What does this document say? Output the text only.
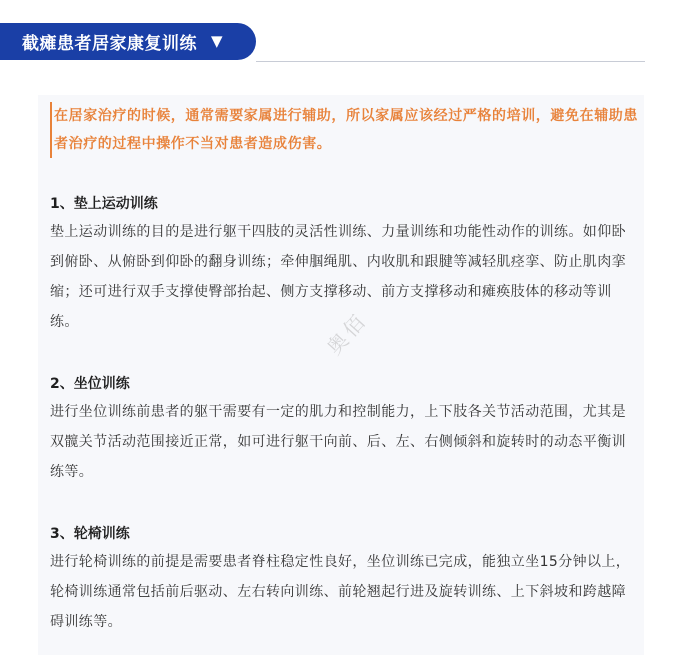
截瘫患者居家康复训练 ▼
在居家治疗的时候，通常需要家属进行辅助，所以家属应该经过严格的培训，避免在辅助患者治疗的过程中操作不当对患者造成伤害。
1、垫上运动训练
垫上运动训练的目的是进行躯干四肢的灵活性训练、力量训练和功能性动作的训练。如仰卧到俯卧、从俯卧到仰卧的翻身训练；牵伸腘绳肌、内收肌和跟腱等减轻肌痉挛、防止肌肉挛缩；还可进行双手支撑使臀部抬起、侧方支撑移动、前方支撑移动和瘫痪肢体的移动等训练。
2、坐位训练
进行坐位训练前患者的躯干需要有一定的肌力和控制能力，上下肢各关节活动范围，尤其是双髋关节活动范围接近正常，如可进行躯干向前、后、左、右侧倾斜和旋转时的动态平衡训练等。
3、轮椅训练
进行轮椅训练的前提是需要患者脊柱稳定性良好，坐位训练已完成，能独立坐15分钟以上，轮椅训练通常包括前后驱动、左右转向训练、前轮翘起行进及旋转训练、上下斜坡和跨越障碍训练等。
奥佰
